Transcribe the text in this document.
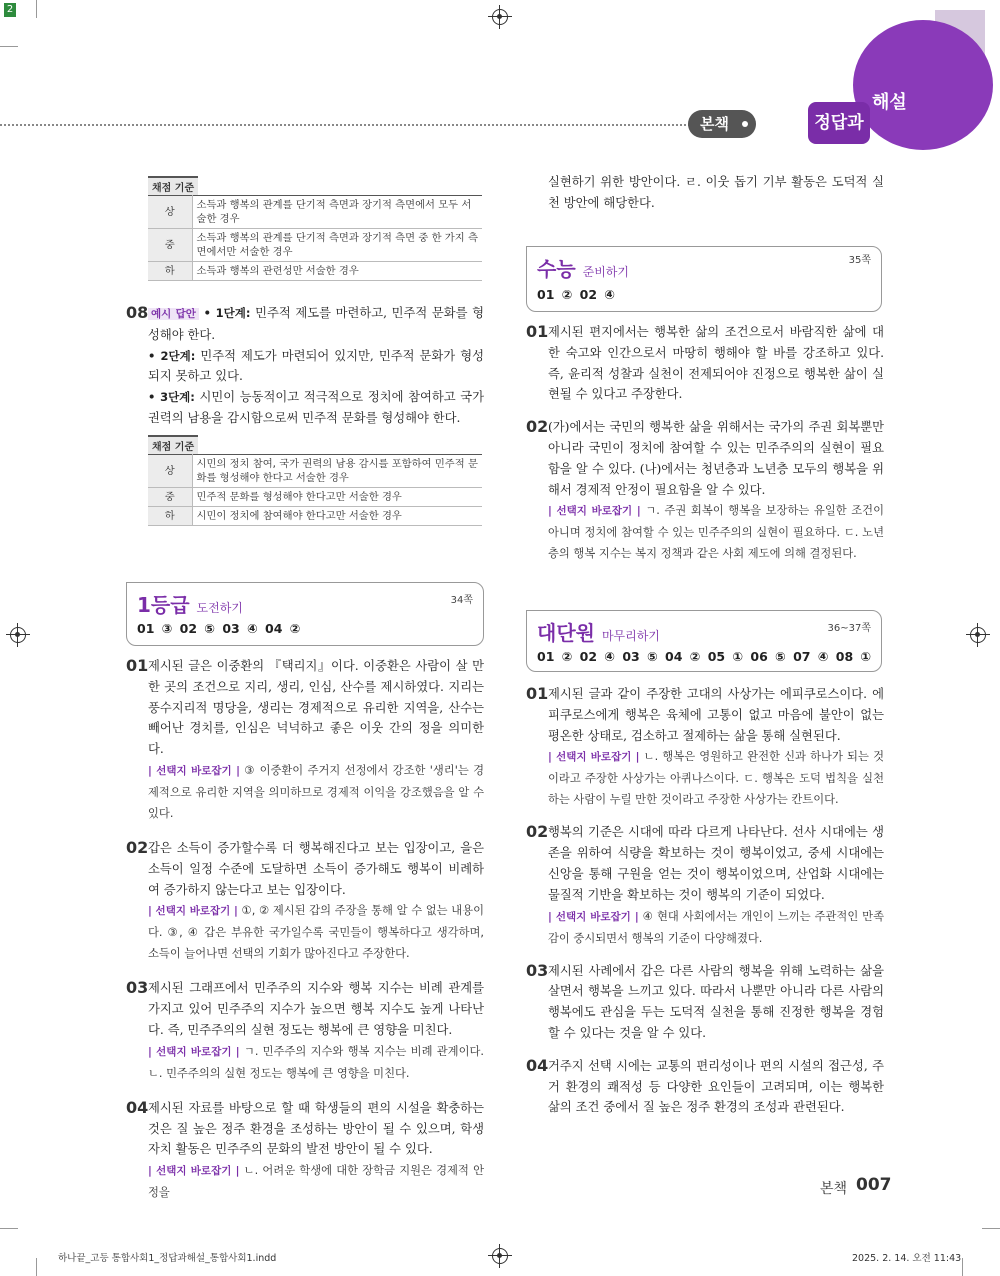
2
본책	정답과
해설
채점 기준
상	소득과 행복의 관계를 단기적 측면과 장기적 측면에서 모두 서술한 경우
중	소득과 행복의 관계를 단기적 측면과 장기적 측면 중 한 가지 측면에서만 서술한 경우
하	소득과 행복의 관련성만 서술한 경우
08 예시 답안 • 1단계: 민주적 제도를 마련하고, 민주적 문화를 형성해야 한다.
• 2단계: 민주적 제도가 마련되어 있지만, 민주적 문화가 형성되지 못하고 있다.
• 3단계: 시민이 능동적이고 적극적으로 정치에 참여하고 국가권력의 남용을 감시함으로써 민주적 문화를 형성해야 한다.
채점 기준
상	시민의 정치 참여, 국가 권력의 남용 감시를 포함하여 민주적 문화를 형성해야 한다고 서술한 경우
중	민주적 문화를 형성해야 한다고만 서술한 경우
하	시민이 정치에 참여해야 한다고만 서술한 경우
1등급 도전하기
34쪽
01 ③ 02 ⑤ 03 ④ 04 ②
01 제시된 글은 이중환의 『택리지』이다. 이중환은 사람이 살 만한 곳의 조건으로 지리, 생리, 인심, 산수를 제시하였다. 지리는 풍수지리적 명당을, 생리는 경제적으로 유리한 지역을, 산수는 빼어난 경치를, 인심은 넉넉하고 좋은 이웃 간의 정을 의미한다.
| 선택지 바로잡기 | ③ 이중환이 주거지 선정에서 강조한 '생리'는 경제적으로 유리한 지역을 의미하므로 경제적 이익을 강조했음을 알 수 있다.
02 갑은 소득이 증가할수록 더 행복해진다고 보는 입장이고, 을은 소득이 일정 수준에 도달하면 소득이 증가해도 행복이 비례하여 증가하지 않는다고 보는 입장이다.
| 선택지 바로잡기 | ①, ② 제시된 갑의 주장을 통해 알 수 없는 내용이다. ③, ④ 갑은 부유한 국가일수록 국민들이 행복하다고 생각하며, 소득이 늘어나면 선택의 기회가 많아진다고 주장한다.
03 제시된 그래프에서 민주주의 지수와 행복 지수는 비례 관계를 가지고 있어 민주주의 지수가 높으면 행복 지수도 높게 나타난다. 즉, 민주주의의 실현 정도는 행복에 큰 영향을 미친다.
| 선택지 바로잡기 | ㄱ. 민주주의 지수와 행복 지수는 비례 관계이다. ㄴ. 민주주의의 실현 정도는 행복에 큰 영향을 미친다.
04 제시된 자료를 바탕으로 할 때 학생들의 편의 시설을 확충하는 것은 질 높은 정주 환경을 조성하는 방안이 될 수 있으며, 학생 자치 활동은 민주주의 문화의 발전 방안이 될 수 있다.
| 선택지 바로잡기 | ㄴ. 어려운 학생에 대한 장학금 지원은 경제적 안정을
실현하기 위한 방안이다. ㄹ. 이웃 돕기 기부 활동은 도덕적 실천 방안에 해당한다.
수능 준비하기
35쪽
01 ② 02 ④
01 제시된 편지에서는 행복한 삶의 조건으로서 바람직한 삶에 대한 숙고와 인간으로서 마땅히 행해야 할 바를 강조하고 있다. 즉, 윤리적 성찰과 실천이 전제되어야 진정으로 행복한 삶이 실현될 수 있다고 주장한다.
02 (가)에서는 국민의 행복한 삶을 위해서는 국가의 주권 회복뿐만 아니라 국민이 정치에 참여할 수 있는 민주주의의 실현이 필요함을 알 수 있다. (나)에서는 청년층과 노년층 모두의 행복을 위해서 경제적 안정이 필요함을 알 수 있다.
| 선택지 바로잡기 | ㄱ. 주권 회복이 행복을 보장하는 유일한 조건이 아니며 정치에 참여할 수 있는 민주주의의 실현이 필요하다. ㄷ. 노년층의 행복 지수는 복지 정책과 같은 사회 제도에 의해 결정된다.
대단원 마무리하기
36~37쪽
01 ② 02 ④ 03 ⑤ 04 ② 05 ① 06 ⑤ 07 ④ 08 ①
01 제시된 글과 같이 주장한 고대의 사상가는 에피쿠로스이다. 에피쿠로스에게 행복은 육체에 고통이 없고 마음에 불안이 없는 평온한 상태로, 검소하고 절제하는 삶을 통해 실현된다.
| 선택지 바로잡기 | ㄴ. 행복은 영원하고 완전한 신과 하나가 되는 것이라고 주장한 사상가는 아퀴나스이다. ㄷ. 행복은 도덕 법칙을 실천하는 사람이 누릴 만한 것이라고 주장한 사상가는 칸트이다.
02 행복의 기준은 시대에 따라 다르게 나타난다. 선사 시대에는 생존을 위하여 식량을 확보하는 것이 행복이었고, 중세 시대에는 신앙을 통해 구원을 얻는 것이 행복이었으며, 산업화 시대에는 물질적 기반을 확보하는 것이 행복의 기준이 되었다.
| 선택지 바로잡기 | ④ 현대 사회에서는 개인이 느끼는 주관적인 만족감이 중시되면서 행복의 기준이 다양해졌다.
03 제시된 사례에서 갑은 다른 사람의 행복을 위해 노력하는 삶을 살면서 행복을 느끼고 있다. 따라서 나뿐만 아니라 다른 사람의 행복에도 관심을 두는 도덕적 실천을 통해 진정한 행복을 경험할 수 있다는 것을 알 수 있다.
04 거주지 선택 시에는 교통의 편리성이나 편의 시설의 접근성, 주거 환경의 쾌적성 등 다양한 요인들이 고려되며, 이는 행복한 삶의 조건 중에서 질 높은 정주 환경의 조성과 관련된다.
본책 007
하나끝_고등 통합사회1_정답과해설_통합사회1.indd	2025. 2. 14. 오전 11:43
